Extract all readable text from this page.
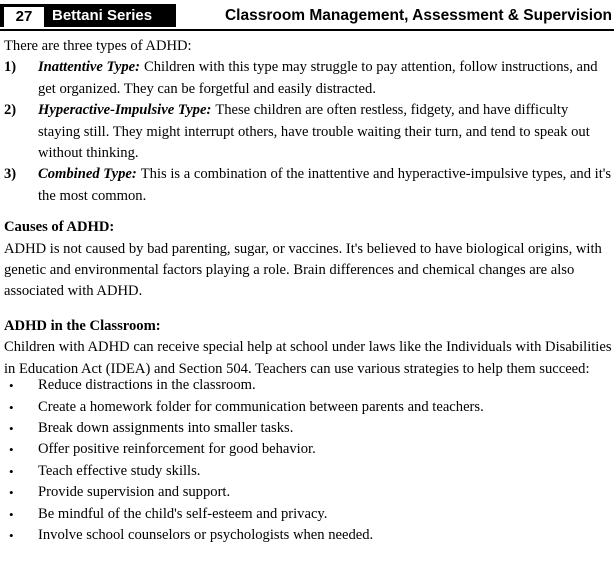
27	Bettani Series	Classroom Management, Assessment & Supervision
There are three types of ADHD:
1)	Inattentive Type: Children with this type may struggle to pay attention, follow instructions, and get organized. They can be forgetful and easily distracted.
2)	Hyperactive-Impulsive Type: These children are often restless, fidgety, and have difficulty staying still. They might interrupt others, have trouble waiting their turn, and tend to speak out without thinking.
3)	Combined Type: This is a combination of the inattentive and hyperactive-impulsive types, and it's the most common.
Causes of ADHD:
ADHD is not caused by bad parenting, sugar, or vaccines. It's believed to have biological origins, with genetic and environmental factors playing a role. Brain differences and chemical changes are also associated with ADHD.
ADHD in the Classroom:
Children with ADHD can receive special help at school under laws like the Individuals with Disabilities in Education Act (IDEA) and Section 504. Teachers can use various strategies to help them succeed:
•	Reduce distractions in the classroom.
•	Create a homework folder for communication between parents and teachers.
•	Break down assignments into smaller tasks.
•	Offer positive reinforcement for good behavior.
•	Teach effective study skills.
•	Provide supervision and support.
•	Be mindful of the child's self-esteem and privacy.
•	Involve school counselors or psychologists when needed.
